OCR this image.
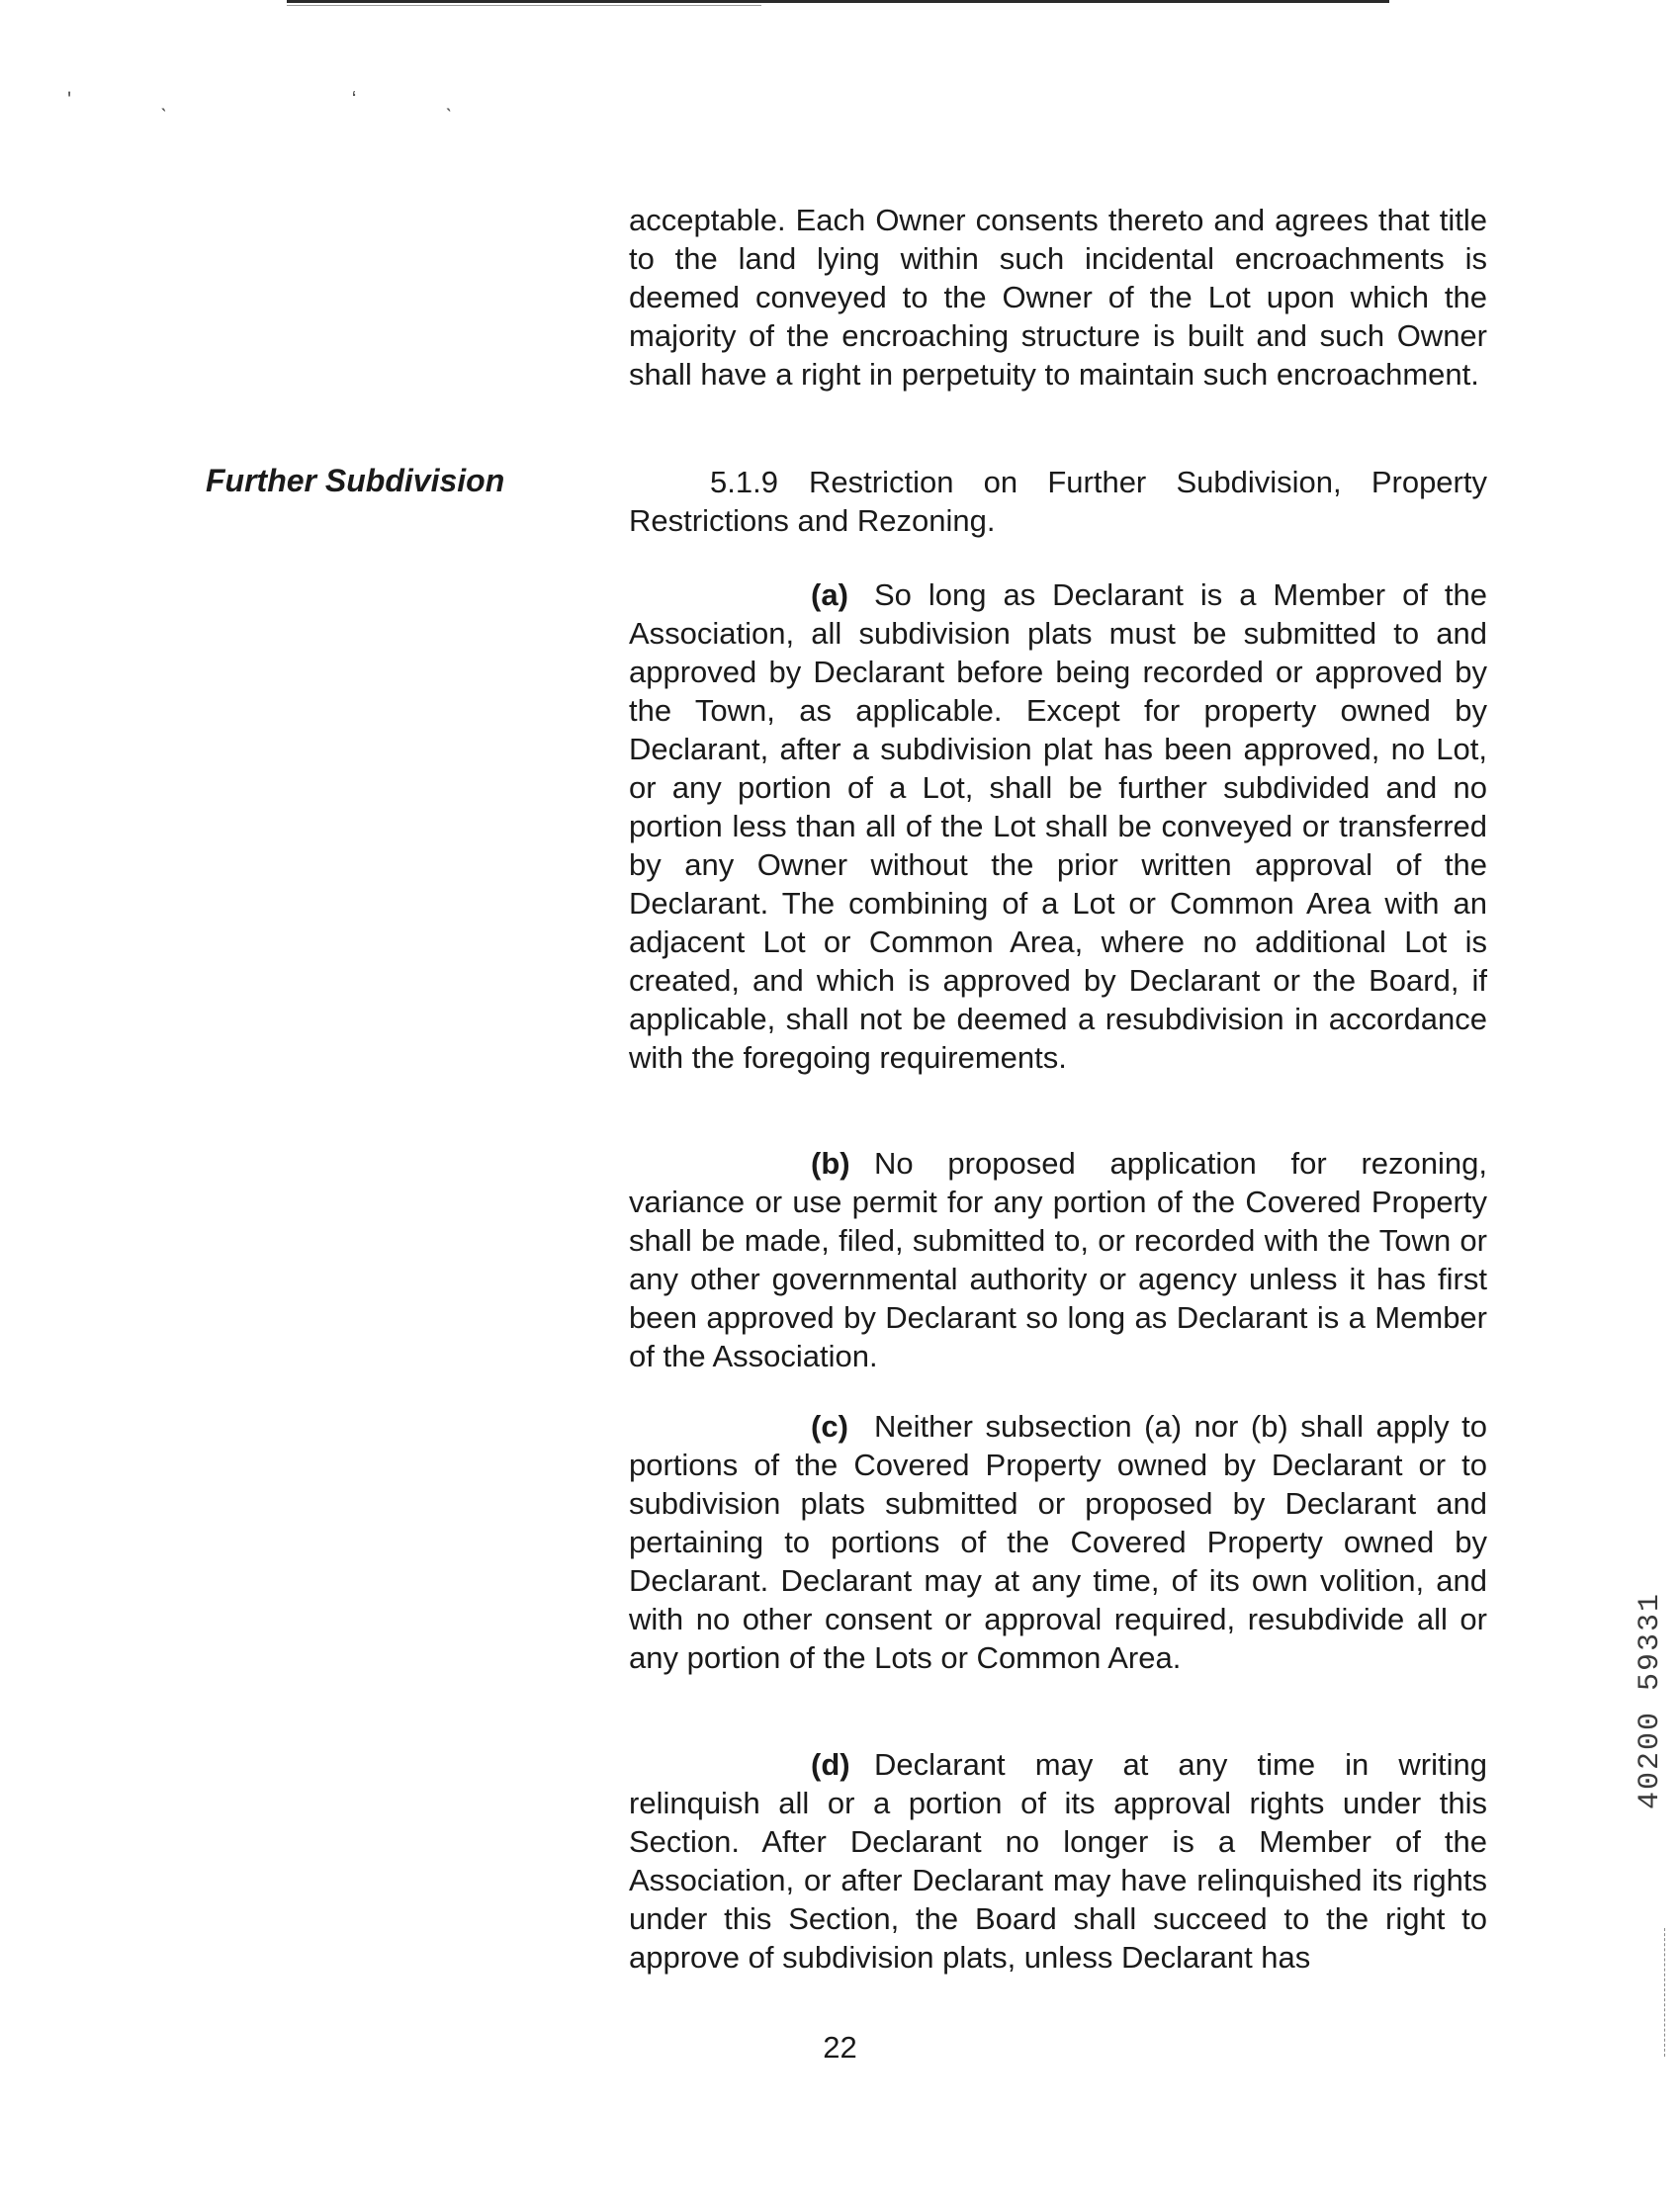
ʹˎ ʻˎ
Further Subdivision

acceptable. Each Owner consents thereto and agrees that title to the land lying within such incidental encroachments is deemed conveyed to the Owner of the Lot upon which the majority of the encroaching structure is built and such Owner shall have a right in perpetuity to maintain such encroachment.

5.1.9 Restriction on Further Subdivision, Property Restrictions and Rezoning.

(a) So long as Declarant is a Member of the Association, all subdivision plats must be submitted to and approved by Declarant before being recorded or approved by the Town, as applicable. Except for property owned by Declarant, after a subdivision plat has been approved, no Lot, or any portion of a Lot, shall be further subdivided and no portion less than all of the Lot shall be conveyed or transferred by any Owner without the prior written approval of the Declarant. The combining of a Lot or Common Area with an adjacent Lot or Common Area, where no additional Lot is created, and which is approved by Declarant or the Board, if applicable, shall not be deemed a resubdivision in accordance with the foregoing requirements.

(b) No proposed application for rezoning, variance or use permit for any portion of the Covered Property shall be made, filed, submitted to, or recorded with the Town or any other governmental authority or agency unless it has first been approved by Declarant so long as Declarant is a Member of the Association.

(c) Neither subsection (a) nor (b) shall apply to portions of the Covered Property owned by Declarant or to subdivision plats submitted or proposed by Declarant and pertaining to portions of the Covered Property owned by Declarant. Declarant may at any time, of its own volition, and with no other consent or approval required, resubdivide all or any portion of the Lots or Common Area.

(d) Declarant may at any time in writing relinquish all or a portion of its approval rights under this Section. After Declarant no longer is a Member of the Association, or after Declarant may have relinquished its rights under this Section, the Board shall succeed to the right to approve of subdivision plats, unless Declarant has

22
40200 59331
